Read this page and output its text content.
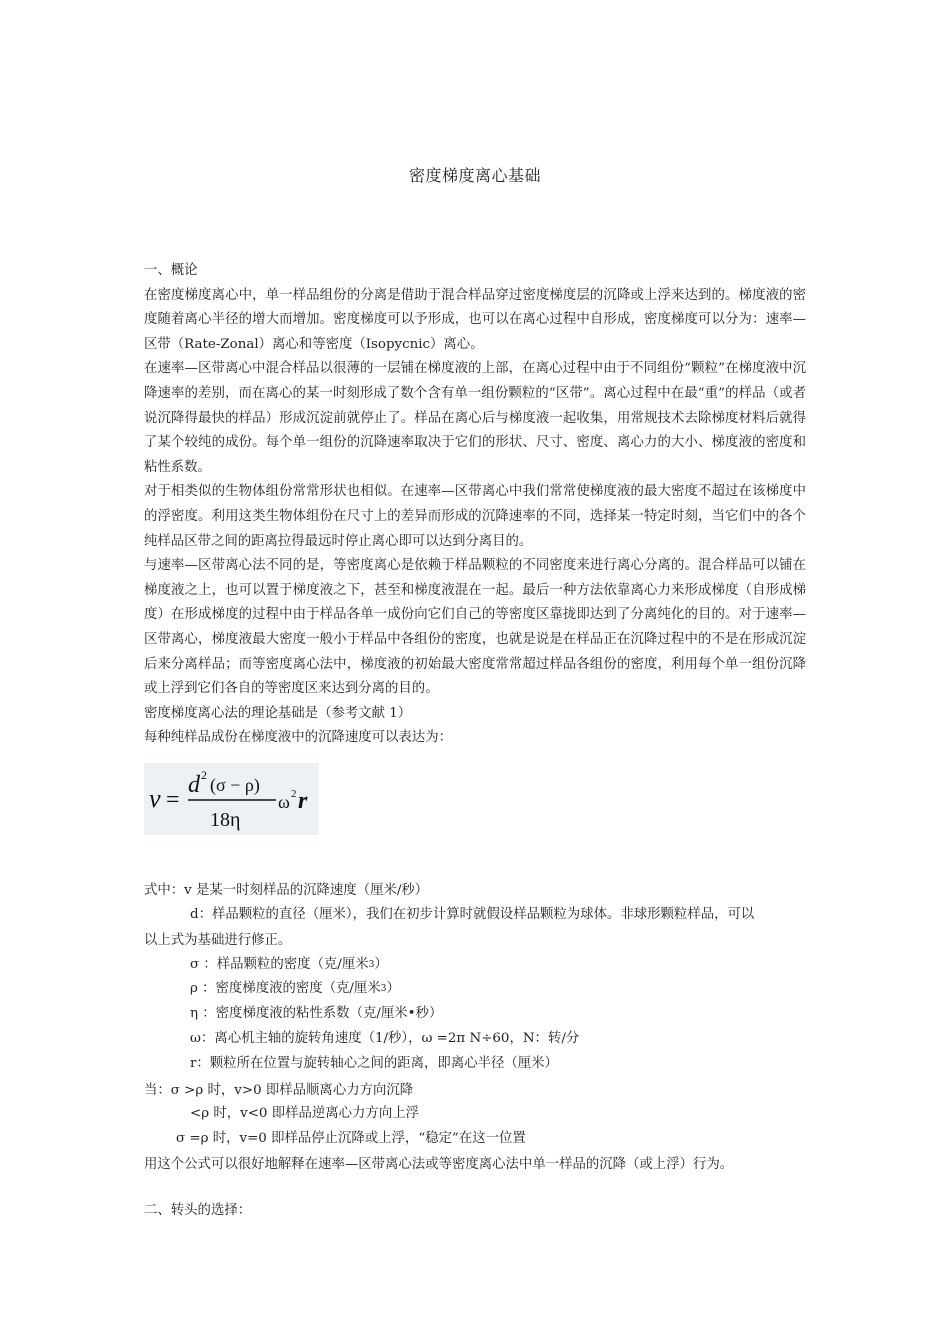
密度梯度离心基础

一、概论

在密度梯度离心中，单一样品组份的分离是借助于混合样品穿过密度梯度层的沉降或上浮来达到的。梯度液的密度随着离心半径的增大而增加。密度梯度可以予形成，也可以在离心过程中自形成，密度梯度可以分为：速率—区带（Rate-Zonal）离心和等密度（Isopycnic）离心。

在速率—区带离心中混合样品以很薄的一层铺在梯度液的上部，在离心过程中由于不同组份“颗粒”在梯度液中沉降速率的差别，而在离心的某一时刻形成了数个含有单一组份颗粒的“区带”。离心过程中在最“重”的样品（或者说沉降得最快的样品）形成沉淀前就停止了。样品在离心后与梯度液一起收集，用常规技术去除梯度材料后就得了某个较纯的成份。每个单一组份的沉降速率取决于它们的形状、尺寸、密度、离心力的大小、梯度液的密度和粘性系数。

对于相类似的生物体组份常常形状也相似。在速率—区带离心中我们常常使梯度液的最大密度不超过在该梯度中的浮密度。利用这类生物体组份在尺寸上的差异而形成的沉降速率的不同，选择某一特定时刻，当它们中的各个纯样品区带之间的距离拉得最远时停止离心即可以达到分离目的。

与速率—区带离心法不同的是，等密度离心是依赖于样品颗粒的不同密度来进行离心分离的。混合样品可以铺在梯度液之上，也可以置于梯度液之下，甚至和梯度液混在一起。最后一种方法依靠离心力来形成梯度（自形成梯度）在形成梯度的过程中由于样品各单一成份向它们自己的等密度区靠拢即达到了分离纯化的目的。对于速率—区带离心，梯度液最大密度一般小于样品中各组份的密度，也就是说是在样品正在沉降过程中的不是在形成沉淀后来分离样品；而等密度离心法中，梯度液的初始最大密度常常超过样品各组份的密度，利用每个单一组份沉降或上浮到它们各自的等密度区来达到分离的目的。

密度梯度离心法的理论基础是（参考文献 1）

每种纯样品成份在梯度液中的沉降速度可以表达为：

v =
d 2 (σ − ρ)
18η
ω 2 r
式中：v 是某一时刻样品的沉降速度（厘米/秒）
d：样品颗粒的直径（厘米），我们在初步计算时就假设样品颗粒为球体。非球形颗粒样品，可以
以上式为基础进行修正。
σ ：样品颗粒的密度（克/厘米3）
ρ ：密度梯度液的密度（克/厘米3）
η ：密度梯度液的粘性系数（克/厘米•秒）
ω：离心机主轴的旋转角速度（1/秒），ω =2π N÷60，N：转/分
r：颗粒所在位置与旋转轴心之间的距离，即离心半径（厘米）
当：σ >ρ 时，v>0 即样品顺离心力方向沉降
<ρ 时，v<0 即样品逆离心力方向上浮
σ =ρ 时，v=0 即样品停止沉降或上浮，“稳定”在这一位置
用这个公式可以很好地解释在速率—区带离心法或等密度离心法中单一样品的沉降（或上浮）行为。
二、转头的选择：
